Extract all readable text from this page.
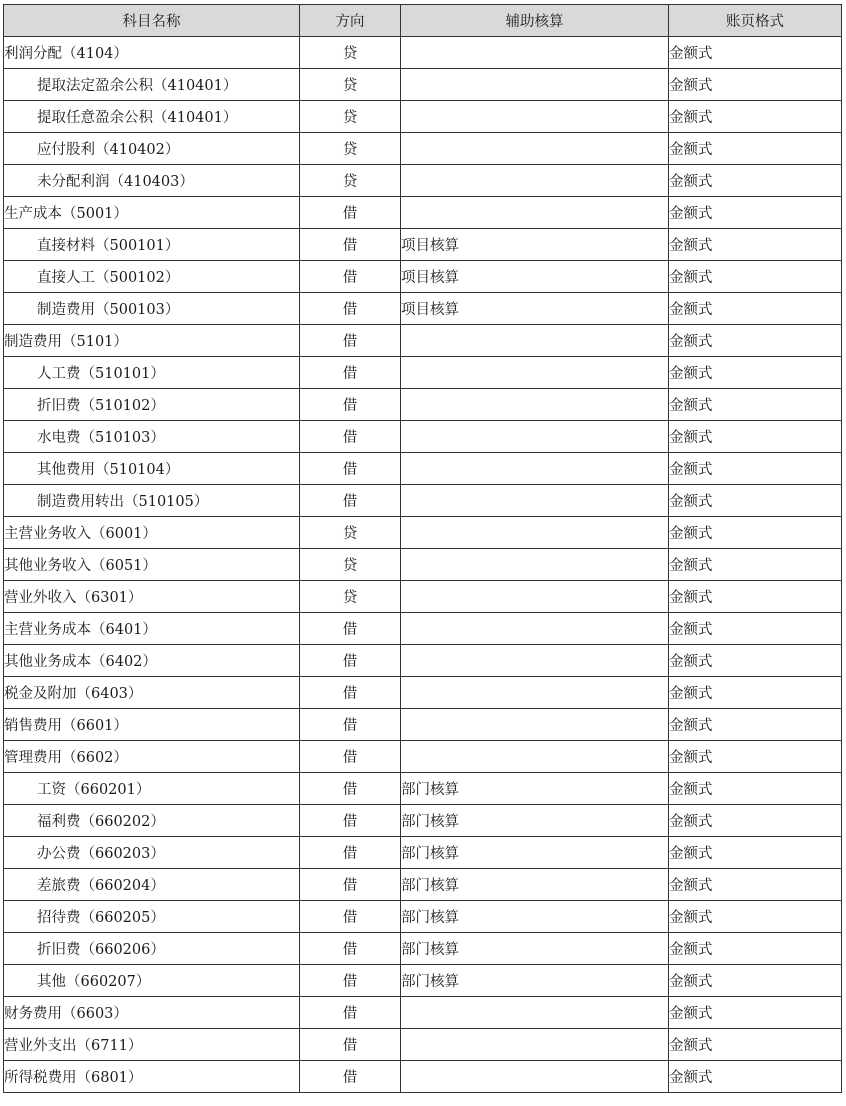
科目名称	方向	辅助核算	账页格式
利润分配（4104）	贷		金额式
提取法定盈余公积（410401）	贷		金额式
提取任意盈余公积（410401）	贷		金额式
应付股利（410402）	贷		金额式
未分配利润（410403）	贷		金额式
生产成本（5001）	借		金额式
直接材料（500101）	借	项目核算	金额式
直接人工（500102）	借	项目核算	金额式
制造费用（500103）	借	项目核算	金额式
制造费用（5101）	借		金额式
人工费（510101）	借		金额式
折旧费（510102）	借		金额式
水电费（510103）	借		金额式
其他费用（510104）	借		金额式
制造费用转出（510105）	借		金额式
主营业务收入（6001）	贷		金额式
其他业务收入（6051）	贷		金额式
营业外收入（6301）	贷		金额式
主营业务成本（6401）	借		金额式
其他业务成本（6402）	借		金额式
税金及附加（6403）	借		金额式
销售费用（6601）	借		金额式
管理费用（6602）	借		金额式
工资（660201）	借	部门核算	金额式
福利费（660202）	借	部门核算	金额式
办公费（660203）	借	部门核算	金额式
差旅费（660204）	借	部门核算	金额式
招待费（660205）	借	部门核算	金额式
折旧费（660206）	借	部门核算	金额式
其他（660207）	借	部门核算	金额式
财务费用（6603）	借		金额式
营业外支出（6711）	借		金额式
所得税费用（6801）	借		金额式
